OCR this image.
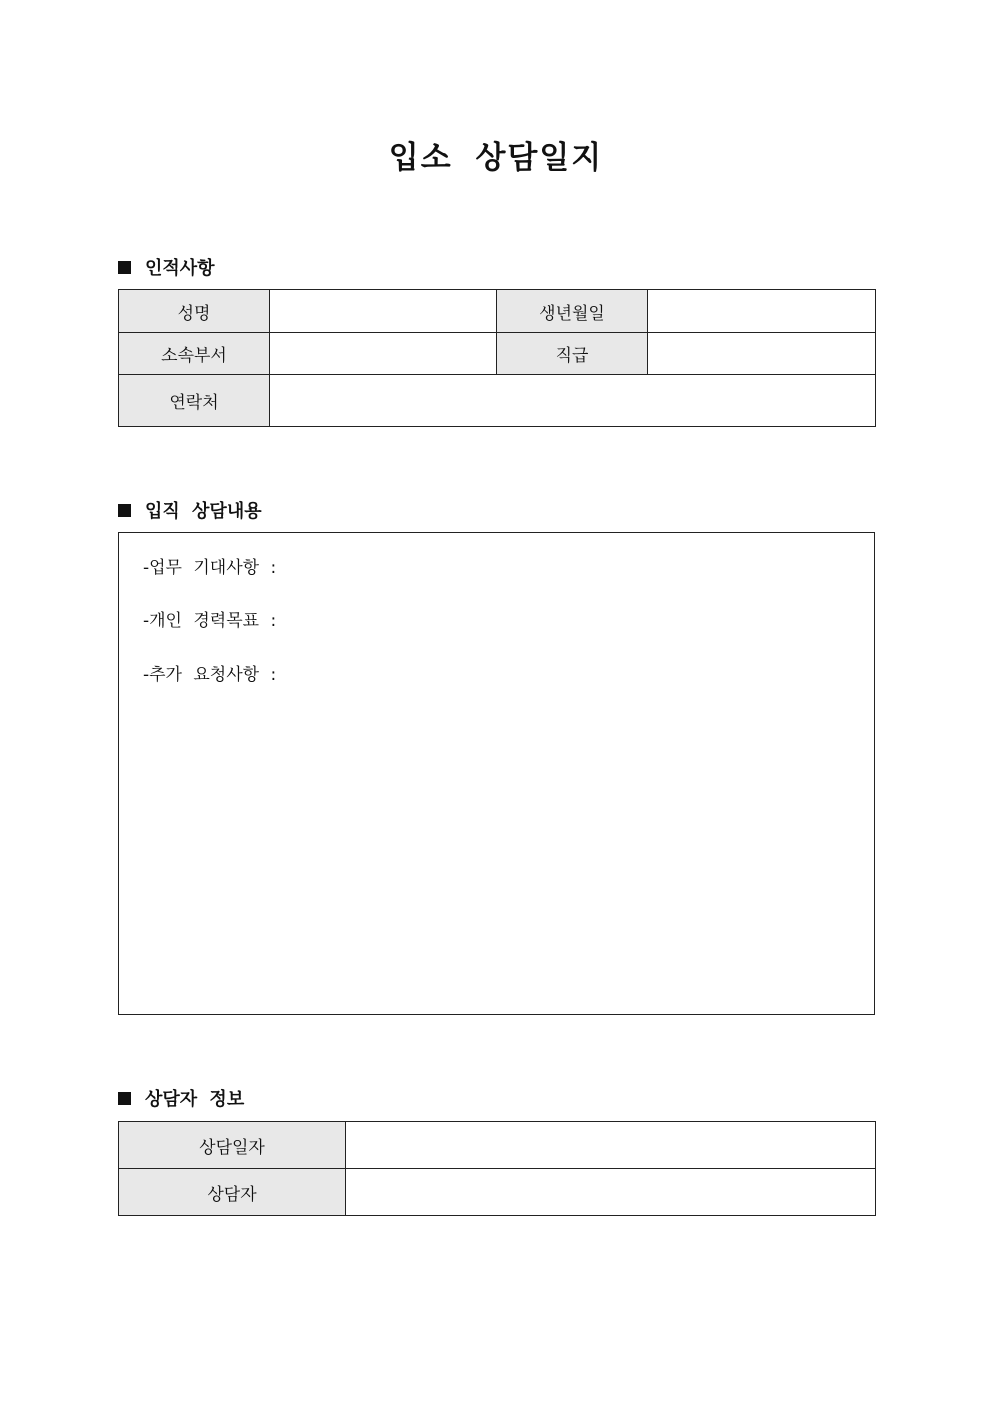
입소 상담일지
인적사항
성명		생년월일	
소속부서		직급	
연락처			
입직 상담내용
-업무 기대사항 :
-개인 경력목표 :
-추가 요청사항 :
상담자 정보
상담일자	
상담자	
